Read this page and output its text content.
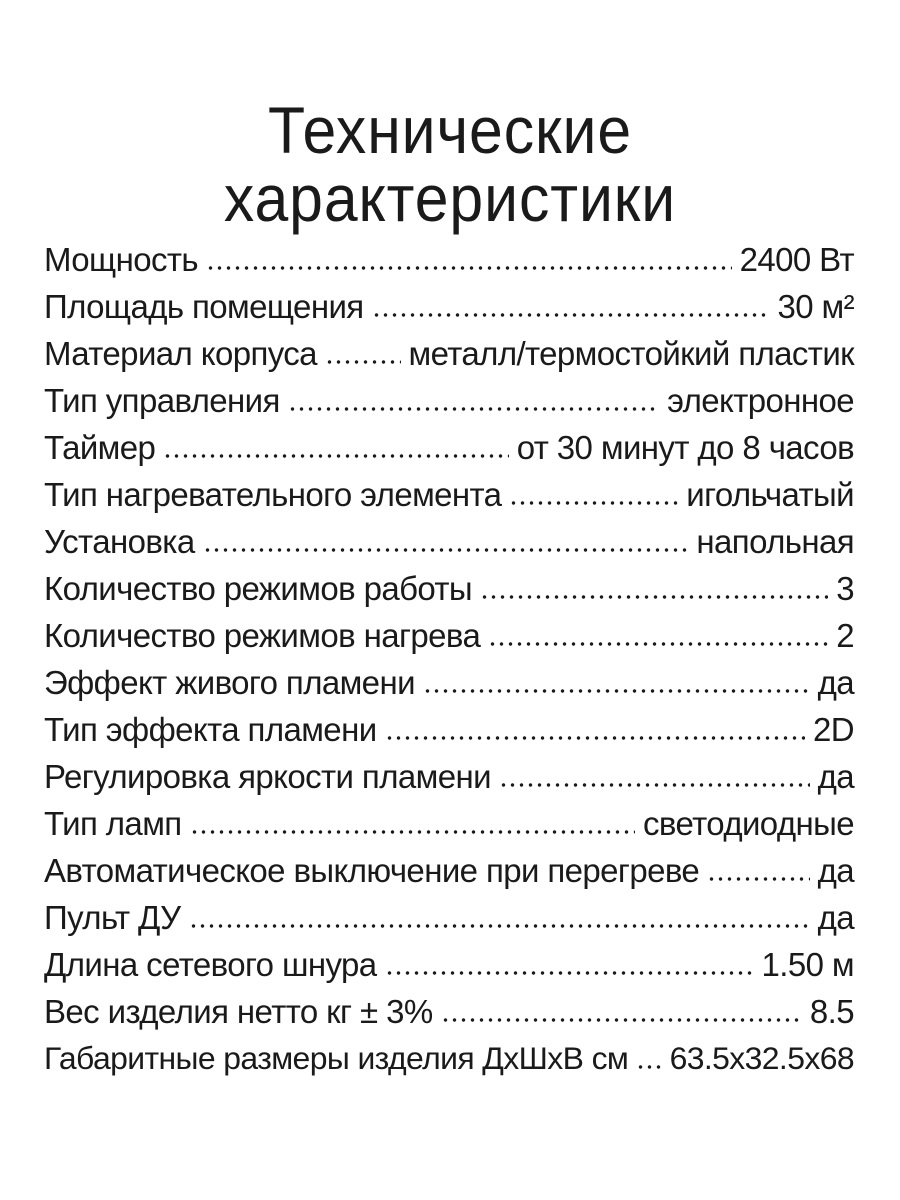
Технические
характеристики
Мощность	2400 Вт
Площадь помещения	30 м²
Материал корпуса	металл/термостойкий пластик
Тип управления	электронное
Таймер	от 30 минут до 8 часов
Тип нагревательного элемента	игольчатый
Установка	напольная
Количество режимов работы	3
Количество режимов нагрева	2
Эффект живого пламени	да
Тип эффекта пламени	2D
Регулировка яркости пламени	да
Тип ламп	светодиодные
Автоматическое выключение при перегреве	да
Пульт ДУ	да
Длина сетевого шнура	1.50 м
Вес изделия нетто кг ± 3%	8.5
Габаритные размеры изделия ДхШхВ см 63.5x32.5x68
